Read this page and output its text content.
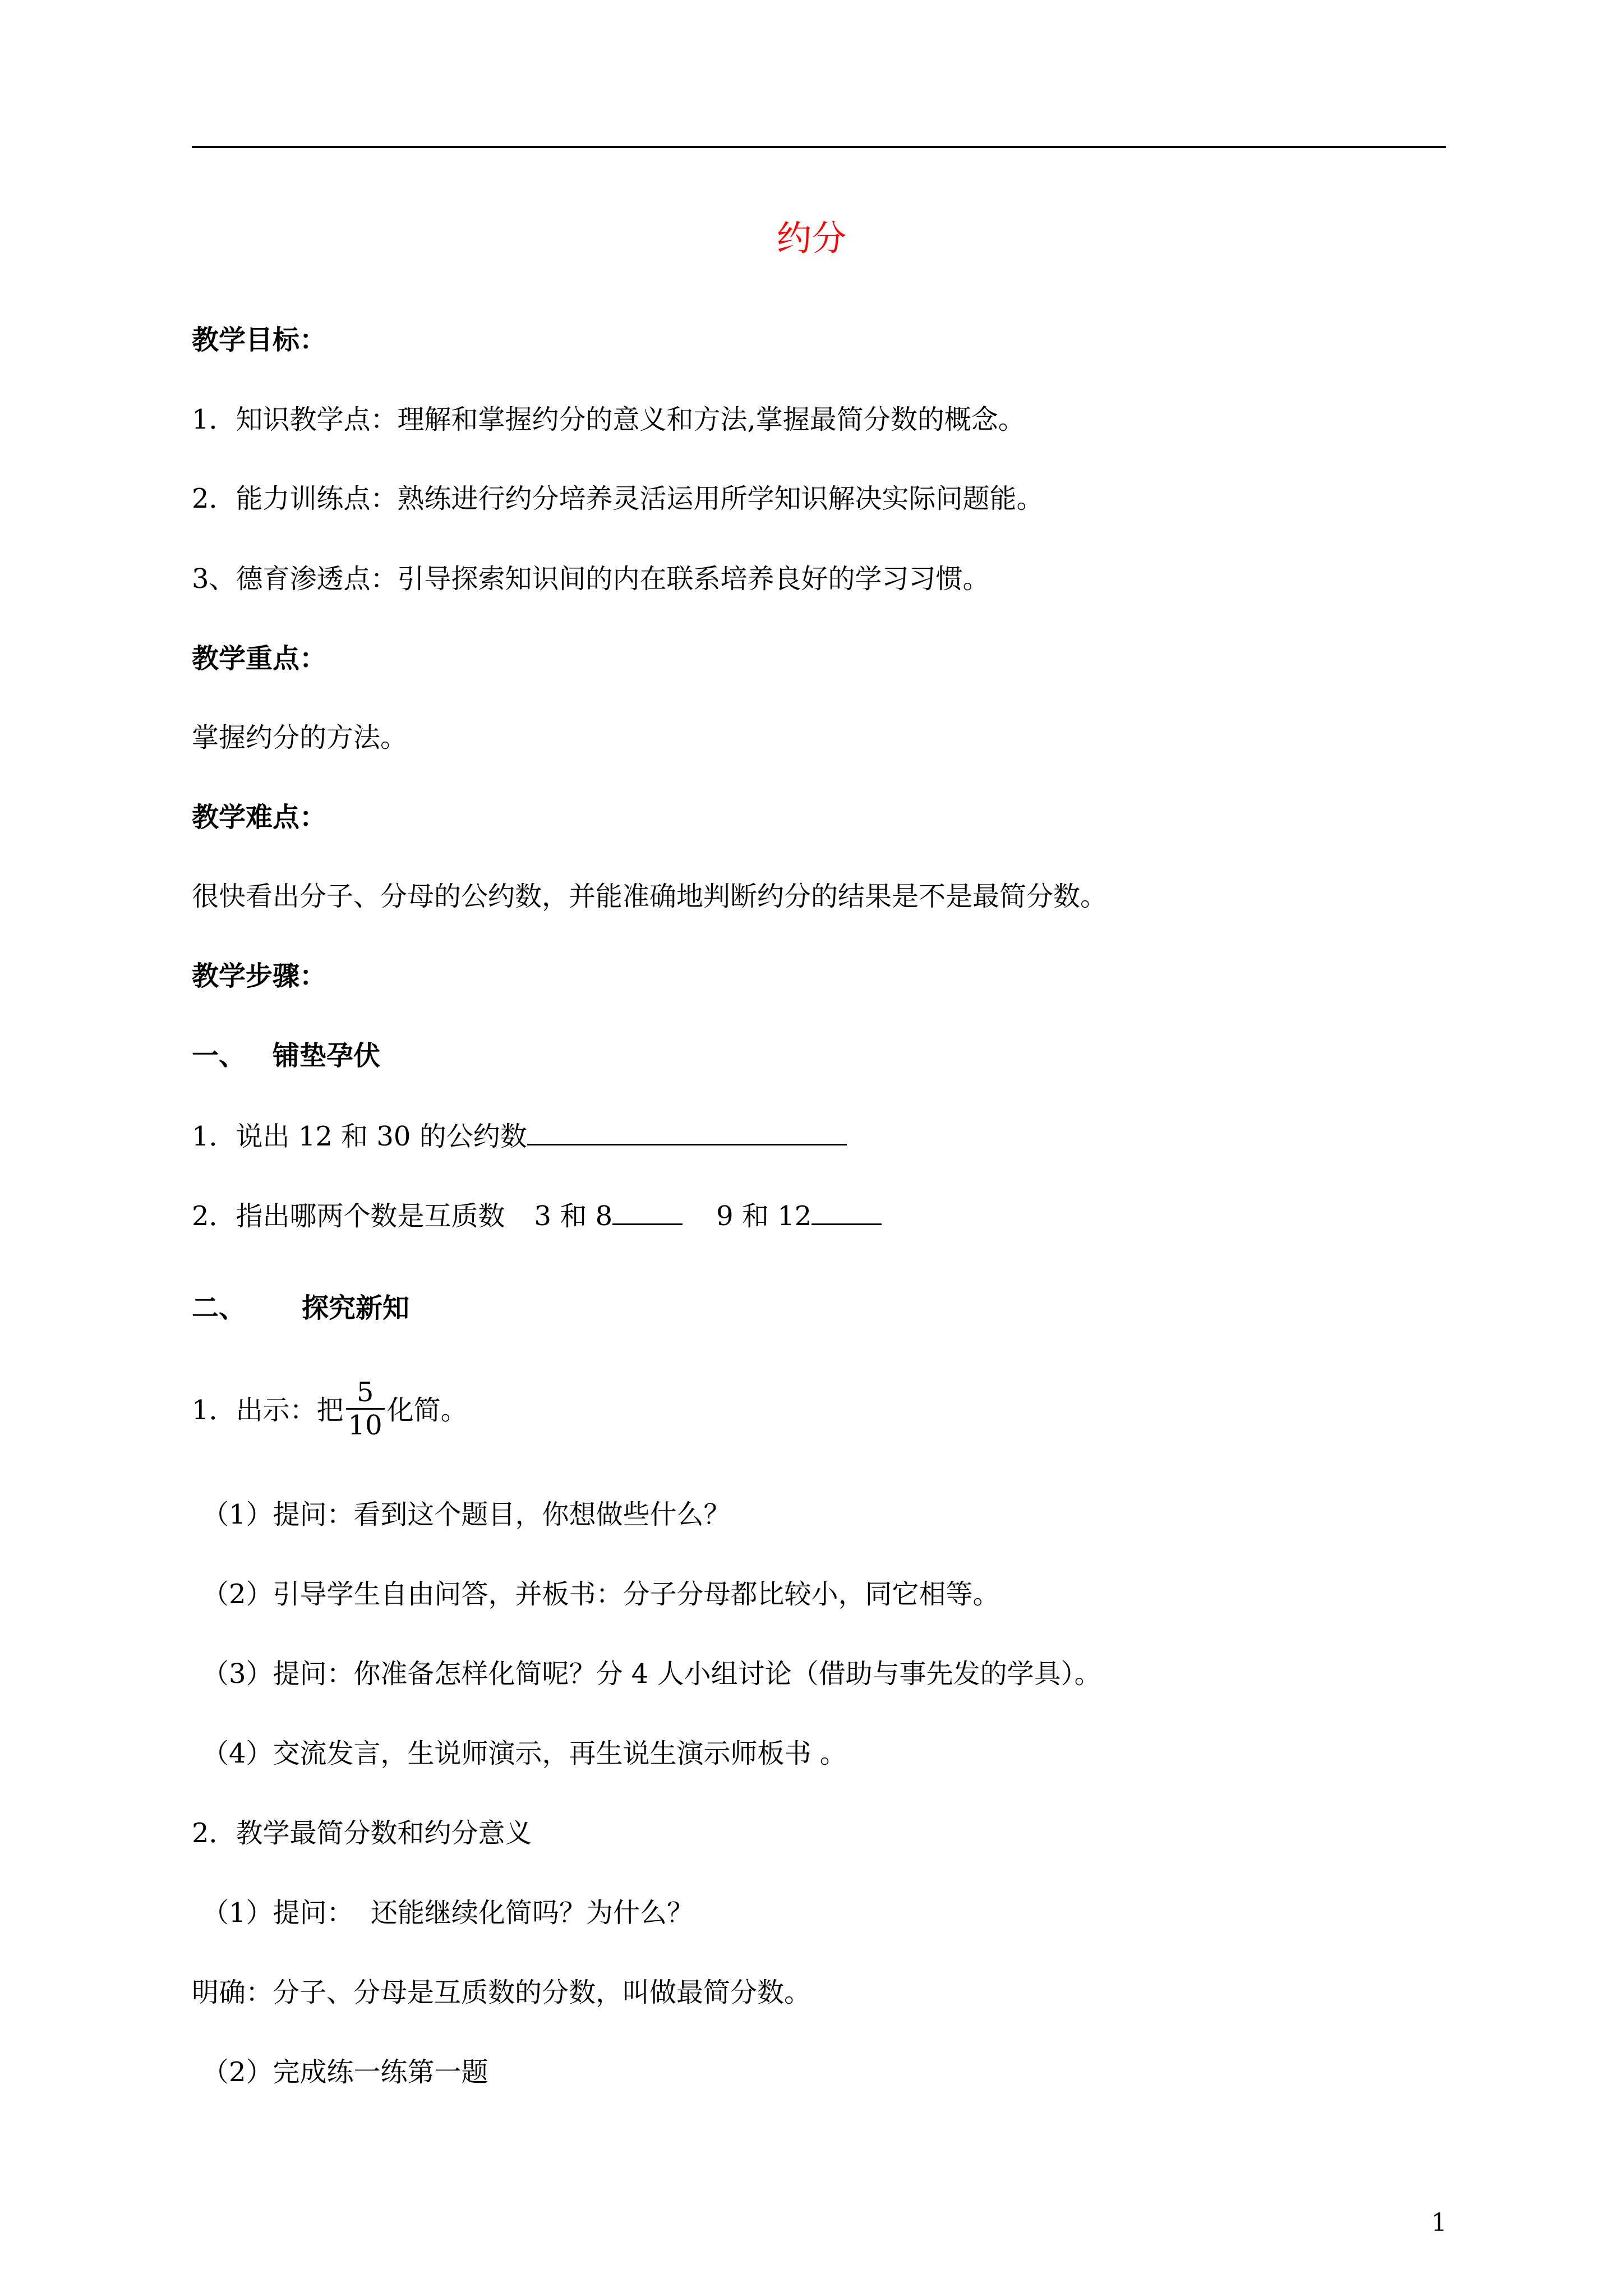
约分
教学目标：
1．知识教学点：理解和掌握约分的意义和方法,掌握最简分数的概念。
2．能力训练点：熟练进行约分培养灵活运用所学知识解决实际问题能。
3、德育渗透点：引导探索知识间的内在联系培养良好的学习习惯。
教学重点：
掌握约分的方法。
教学难点：
很快看出分子、分母的公约数，并能准确地判断约分的结果是不是最简分数。
教学步骤：
一、 铺垫孕伏
1．说出 12 和 30 的公约数
2．指出哪两个数是互质数 3 和 8	9 和 12
二、 探究新知
1．出示：把 $\frac{5}{10}$ 化简。
（1）提问：看到这个题目，你想做些什么？
（2）引导学生自由问答，并板书：分子分母都比较小，同它相等。
（3）提问：你准备怎样化简呢？分 4 人小组讨论（借助与事先发的学具）。
（4）交流发言，生说师演示，再生说生演示师板书 。
2．教学最简分数和约分意义
（1）提问：  还能继续化简吗？为什么？
明确：分子、分母是互质数的分数，叫做最简分数。
（2）完成练一练第一题
1
